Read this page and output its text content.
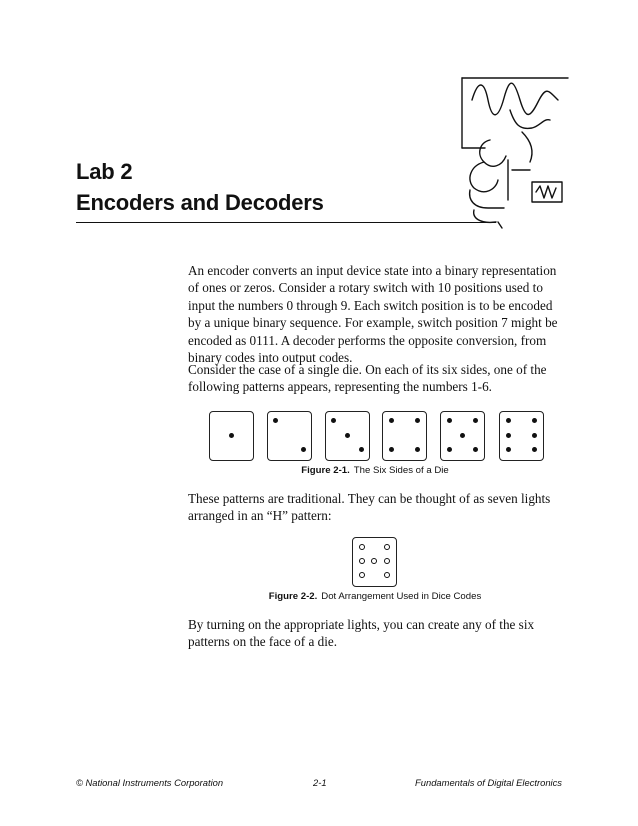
Lab 2
Encoders and Decoders

An encoder converts an input device state into a binary representation of ones or zeros. Consider a rotary switch with 10 positions used to input the numbers 0 through 9. Each switch position is to be encoded by a unique binary sequence. For example, switch position 7 might be encoded as 0111. A decoder performs the opposite conversion, from binary codes into output codes.

Consider the case of a single die. On each of its six sides, one of the following patterns appears, representing the numbers 1-6.

Figure 2-1. The Six Sides of a Die

These patterns are traditional. They can be thought of as seven lights arranged in an “H” pattern:

Figure 2-2. Dot Arrangement Used in Dice Codes

By turning on the appropriate lights, you can create any of the six patterns on the face of a die.

© National Instruments Corporation	2-1	Fundamentals of Digital Electronics
